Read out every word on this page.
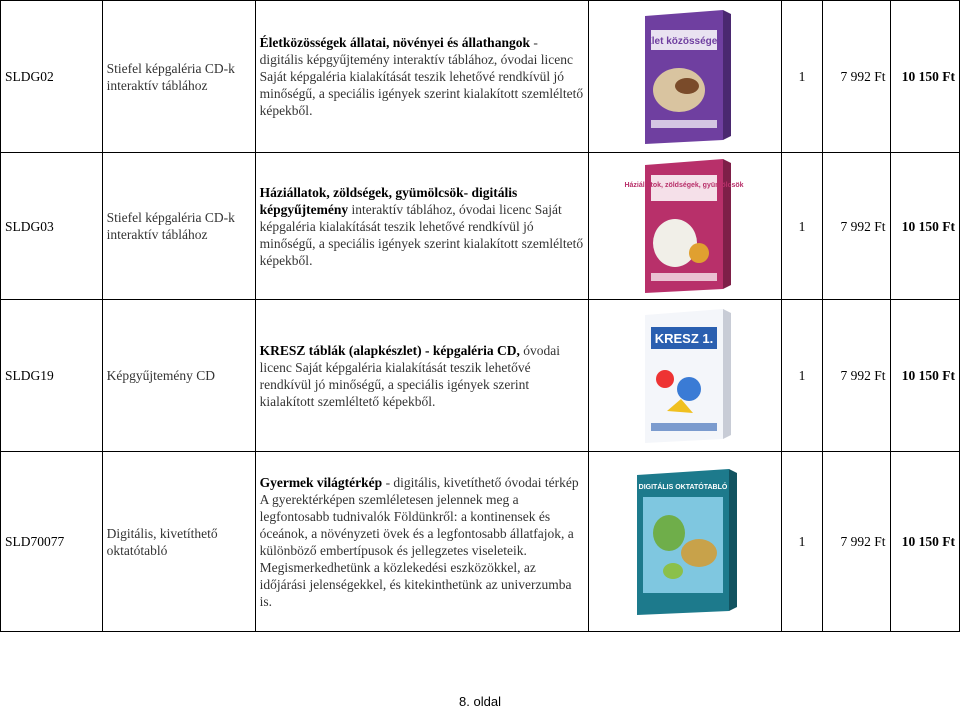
SLDG02	Stiefel képgaléria CD-k interaktív táblához	Életközösségek állatai, növényei és állathangok - digitális képgyűjtemény interaktív táblához, óvodai licenc Saját képgaléria kialakítását teszik lehetővé rendkívül jó minőségű, a speciális igények szerint kialakított szemléltető képekből.	Élet közösségek	1	7 992 Ft	10 150 Ft
SLDG03	Stiefel képgaléria CD-k interaktív táblához	Háziállatok, zöldségek, gyümölcsök- digitális képgyűjtemény interaktív táblához, óvodai licenc Saját képgaléria kialakítását teszik lehetővé rendkívül jó minőségű, a speciális igények szerint kialakított szemléltető képekből.	Háziállatok, zöldségek, gyümölcsök	1	7 992 Ft	10 150 Ft
SLDG19	Képgyűjtemény CD	KRESZ táblák (alapkészlet) - képgaléria CD, óvodai licenc Saját képgaléria kialakítását teszik lehetővé rendkívül jó minőségű, a speciális igények szerint kialakított szemléltető képekből.	KRESZ 1.	1	7 992 Ft	10 150 Ft
SLD70077	Digitális, kivetíthető oktatótabló	Gyermek világtérkép - digitális, kivetíthető óvodai térkép A gyerektérképen szemléletesen jelennek meg a legfontosabb tudnivalók Földünkről: a kontinensek és óceánok, a növényzeti övek és a legfontosabb állatfajok, a különböző embertípusok és jellegzetes viseleteik. Megismerkedhetünk a közlekedési eszközökkel, az időjárási jelenségekkel, és kitekinthetünk az univerzumba is.	DIGITÁLIS OKTATÓTABLÓ	1	7 992 Ft	10 150 Ft
8. oldal
